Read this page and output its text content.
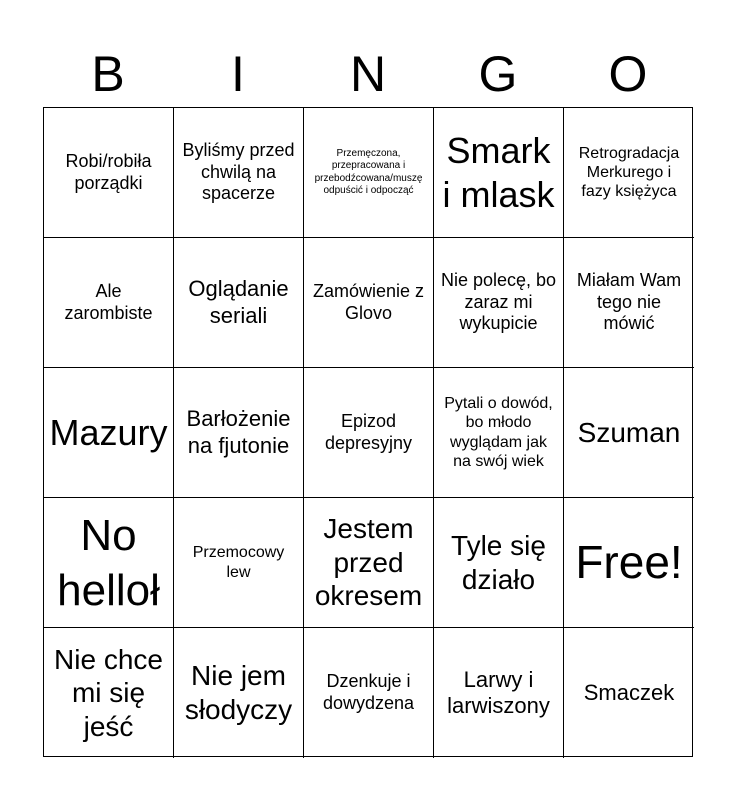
B	I	N	G	O
Robi/robiła porządki
Byliśmy przed chwilą na spacerze
Przemęczona, przepracowana i przebodźcowana/muszę odpuścić i odpocząć
Smark i mlask
Retrogradacja Merkurego i fazy księżyca
Ale zarombiste
Oglądanie seriali
Zamówienie z Glovo
Nie polecę, bo zaraz mi wykupicie
Miałam Wam tego nie mówić
Mazury Barłożenie na fjutonie
Epizod depresyjny
Pytali o dowód, bo młodo wyglądam jak na swój wiek
Szuman
No helloł
Przemocowy lew
Jestem przed okresem
Tyle się działo Free!
Nie chce mi się jeść
Nie jem słodyczy
Dzenkuje i dowydzena
Larwy i larwiszony
Smaczek
